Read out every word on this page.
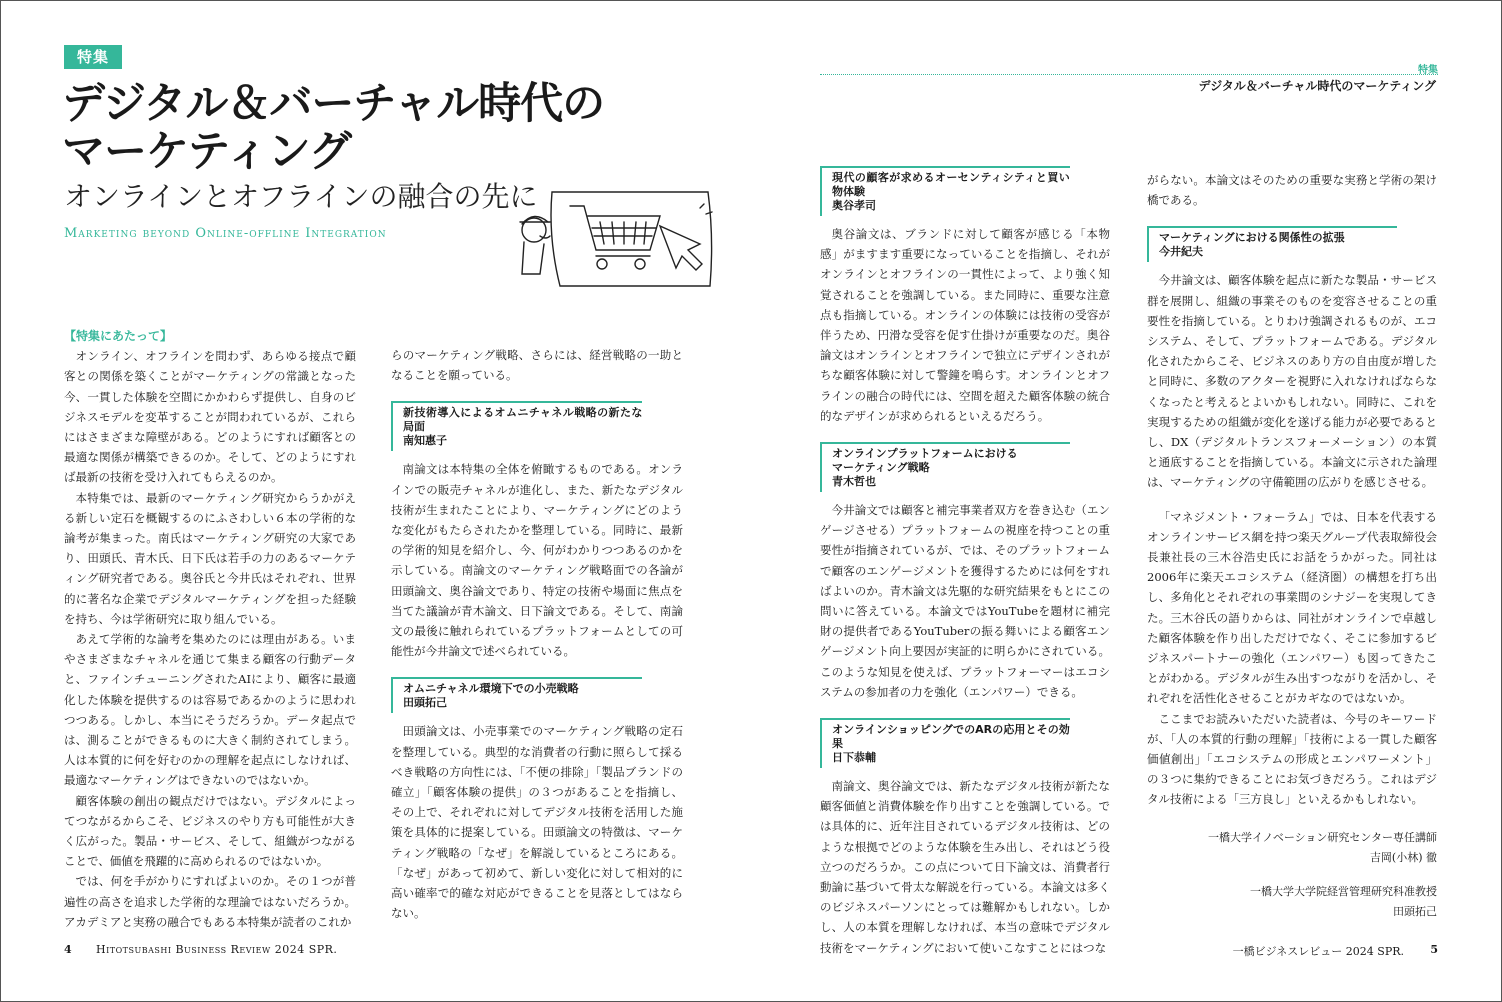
特集
デジタル＆バーチャル時代の
マーケティング
オンラインとオフラインの融合の先に
Marketing beyond Online-offline Integration
特集
デジタル＆バーチャル時代のマーケティング

【特集にあたって】

オンライン、オフラインを問わず、あらゆる接点で顧客との関係を築くことがマーケティングの常識となった今、一貫した体験を空間にかかわらず提供し、自身のビジネスモデルを変革することが問われているが、これらにはさまざまな障壁がある。どのようにすれば顧客との最適な関係が構築できるのか。そして、どのようにすれば最新の技術を受け入れてもらえるのか。

本特集では、最新のマーケティング研究からうかがえる新しい定石を概観するのにふさわしい６本の学術的な論考が集まった。南氏はマーケティング研究の大家であり、田頭氏、青木氏、日下氏は若手の力のあるマーケティング研究者である。奥谷氏と今井氏はそれぞれ、世界的に著名な企業でデジタルマーケティングを担った経験を持ち、今は学術研究に取り組んでいる。

あえて学術的な論考を集めたのには理由がある。いまやさまざまなチャネルを通じて集まる顧客の行動データと、ファインチューニングされたAIにより、顧客に最適化した体験を提供するのは容易であるかのように思われつつある。しかし、本当にそうだろうか。データ起点では、測ることができるものに大きく制約されてしまう。人は本質的に何を好むのかの理解を起点にしなければ、最適なマーケティングはできないのではないか。

顧客体験の創出の観点だけではない。デジタルによってつながるからこそ、ビジネスのやり方も可能性が大きく広がった。製品・サービス、そして、組織がつながることで、価値を飛躍的に高められるのではないか。

では、何を手がかりにすればよいのか。その１つが普遍性の高さを追求した学術的な理論ではないだろうか。アカデミアと実務の融合でもある本特集が読者のこれか

らのマーケティング戦略、さらには、経営戦略の一助となることを願っている。

新技術導入によるオムニチャネル戦略の新たな局面
南知惠子

南論文は本特集の全体を俯瞰するものである。オンラインでの販売チャネルが進化し、また、新たなデジタル技術が生まれたことにより、マーケティングにどのような変化がもたらされたかを整理している。同時に、最新の学術的知見を紹介し、今、何がわかりつつあるのかを示している。南論文のマーケティング戦略面での各論が田頭論文、奥谷論文であり、特定の技術や場面に焦点を当てた議論が青木論文、日下論文である。そして、南論文の最後に触れられているプラットフォームとしての可能性が今井論文で述べられている。

オムニチャネル環境下での小売戦略
田頭拓己

田頭論文は、小売事業でのマーケティング戦略の定石を整理している。典型的な消費者の行動に照らして採るべき戦略の方向性には、「不便の排除」「製品ブランドの確立」「顧客体験の提供」の３つがあることを指摘し、その上で、それぞれに対してデジタル技術を活用した施策を具体的に提案している。田頭論文の特徴は、マーケティング戦略の「なぜ」を解説しているところにある。「なぜ」があって初めて、新しい変化に対して相対的に高い確率で的確な対応ができることを見落としてはならない。

現代の顧客が求めるオーセンティシティと買い物体験
奥谷孝司

奥谷論文は、ブランドに対して顧客が感じる「本物感」がますます重要になっていることを指摘し、それがオンラインとオフラインの一貫性によって、より強く知覚されることを強調している。また同時に、重要な注意点も指摘している。オンラインの体験には技術の受容が伴うため、円滑な受容を促す仕掛けが重要なのだ。奥谷論文はオンラインとオフラインで独立にデザインされがちな顧客体験に対して警鐘を鳴らす。オンラインとオフラインの融合の時代には、空間を超えた顧客体験の統合的なデザインが求められるといえるだろう。

オンラインプラットフォームにおける
マーケティング戦略
青木哲也

今井論文では顧客と補完事業者双方を巻き込む（エンゲージさせる）プラットフォームの視座を持つことの重要性が指摘されているが、では、そのプラットフォームで顧客のエンゲージメントを獲得するためには何をすればよいのか。青木論文は先駆的な研究結果をもとにこの問いに答えている。本論文ではYouTubeを題材に補完財の提供者であるYouTuberの振る舞いによる顧客エンゲージメント向上要因が実証的に明らかにされている。このような知見を使えば、プラットフォーマーはエコシステムの参加者の力を強化（エンパワー）できる。

オンラインショッピングでのARの応用とその効果
日下恭輔

南論文、奥谷論文では、新たなデジタル技術が新たな顧客価値と消費体験を作り出すことを強調している。では具体的に、近年注目されているデジタル技術は、どのような根拠でどのような体験を生み出し、それはどう役立つのだろうか。この点について日下論文は、消費者行動論に基づいて骨太な解説を行っている。本論文は多くのビジネスパーソンにとっては難解かもしれない。しかし、人の本質を理解しなければ、本当の意味でデジタル技術をマーケティングにおいて使いこなすことにはつな

がらない。本論文はそのための重要な実務と学術の架け橋である。

マーケティングにおける関係性の拡張
今井紀夫

今井論文は、顧客体験を起点に新たな製品・サービス群を展開し、組織の事業そのものを変容させることの重要性を指摘している。とりわけ強調されるものが、エコシステム、そして、プラットフォームである。デジタル化されたからこそ、ビジネスのあり方の自由度が増したと同時に、多数のアクターを視野に入れなければならなくなったと考えるとよいかもしれない。同時に、これを実現するための組織が変化を遂げる能力が必要であるとし、DX（デジタルトランスフォーメーション）の本質と通底することを指摘している。本論文に示された論理は、マーケティングの守備範囲の広がりを感じさせる。

「マネジメント・フォーラム」では、日本を代表するオンラインサービス網を持つ楽天グループ代表取締役会長兼社長の三木谷浩史氏にお話をうかがった。同社は2006年に楽天エコシステム（経済圏）の構想を打ち出し、多角化とそれぞれの事業間のシナジーを実現してきた。三木谷氏の語りからは、同社がオンラインで卓越した顧客体験を作り出しただけでなく、そこに参加するビジネスパートナーの強化（エンパワー）も図ってきたことがわかる。デジタルが生み出すつながりを活かし、それぞれを活性化させることがカギなのではないか。

ここまでお読みいただいた読者は、今号のキーワードが、「人の本質的行動の理解」「技術による一貫した顧客価値創出」「エコシステムの形成とエンパワーメント」の３つに集約できることにお気づきだろう。これはデジタル技術による「三方良し」といえるかもしれない。

一橋大学イノベーション研究センター専任講師
吉岡(小林) 徹
一橋大学大学院経営管理研究科准教授
田頭拓己
4 Hitotsubashi Business Review 2024 SPR.	一橋ビジネスレビュー 2024 SPR.	5
